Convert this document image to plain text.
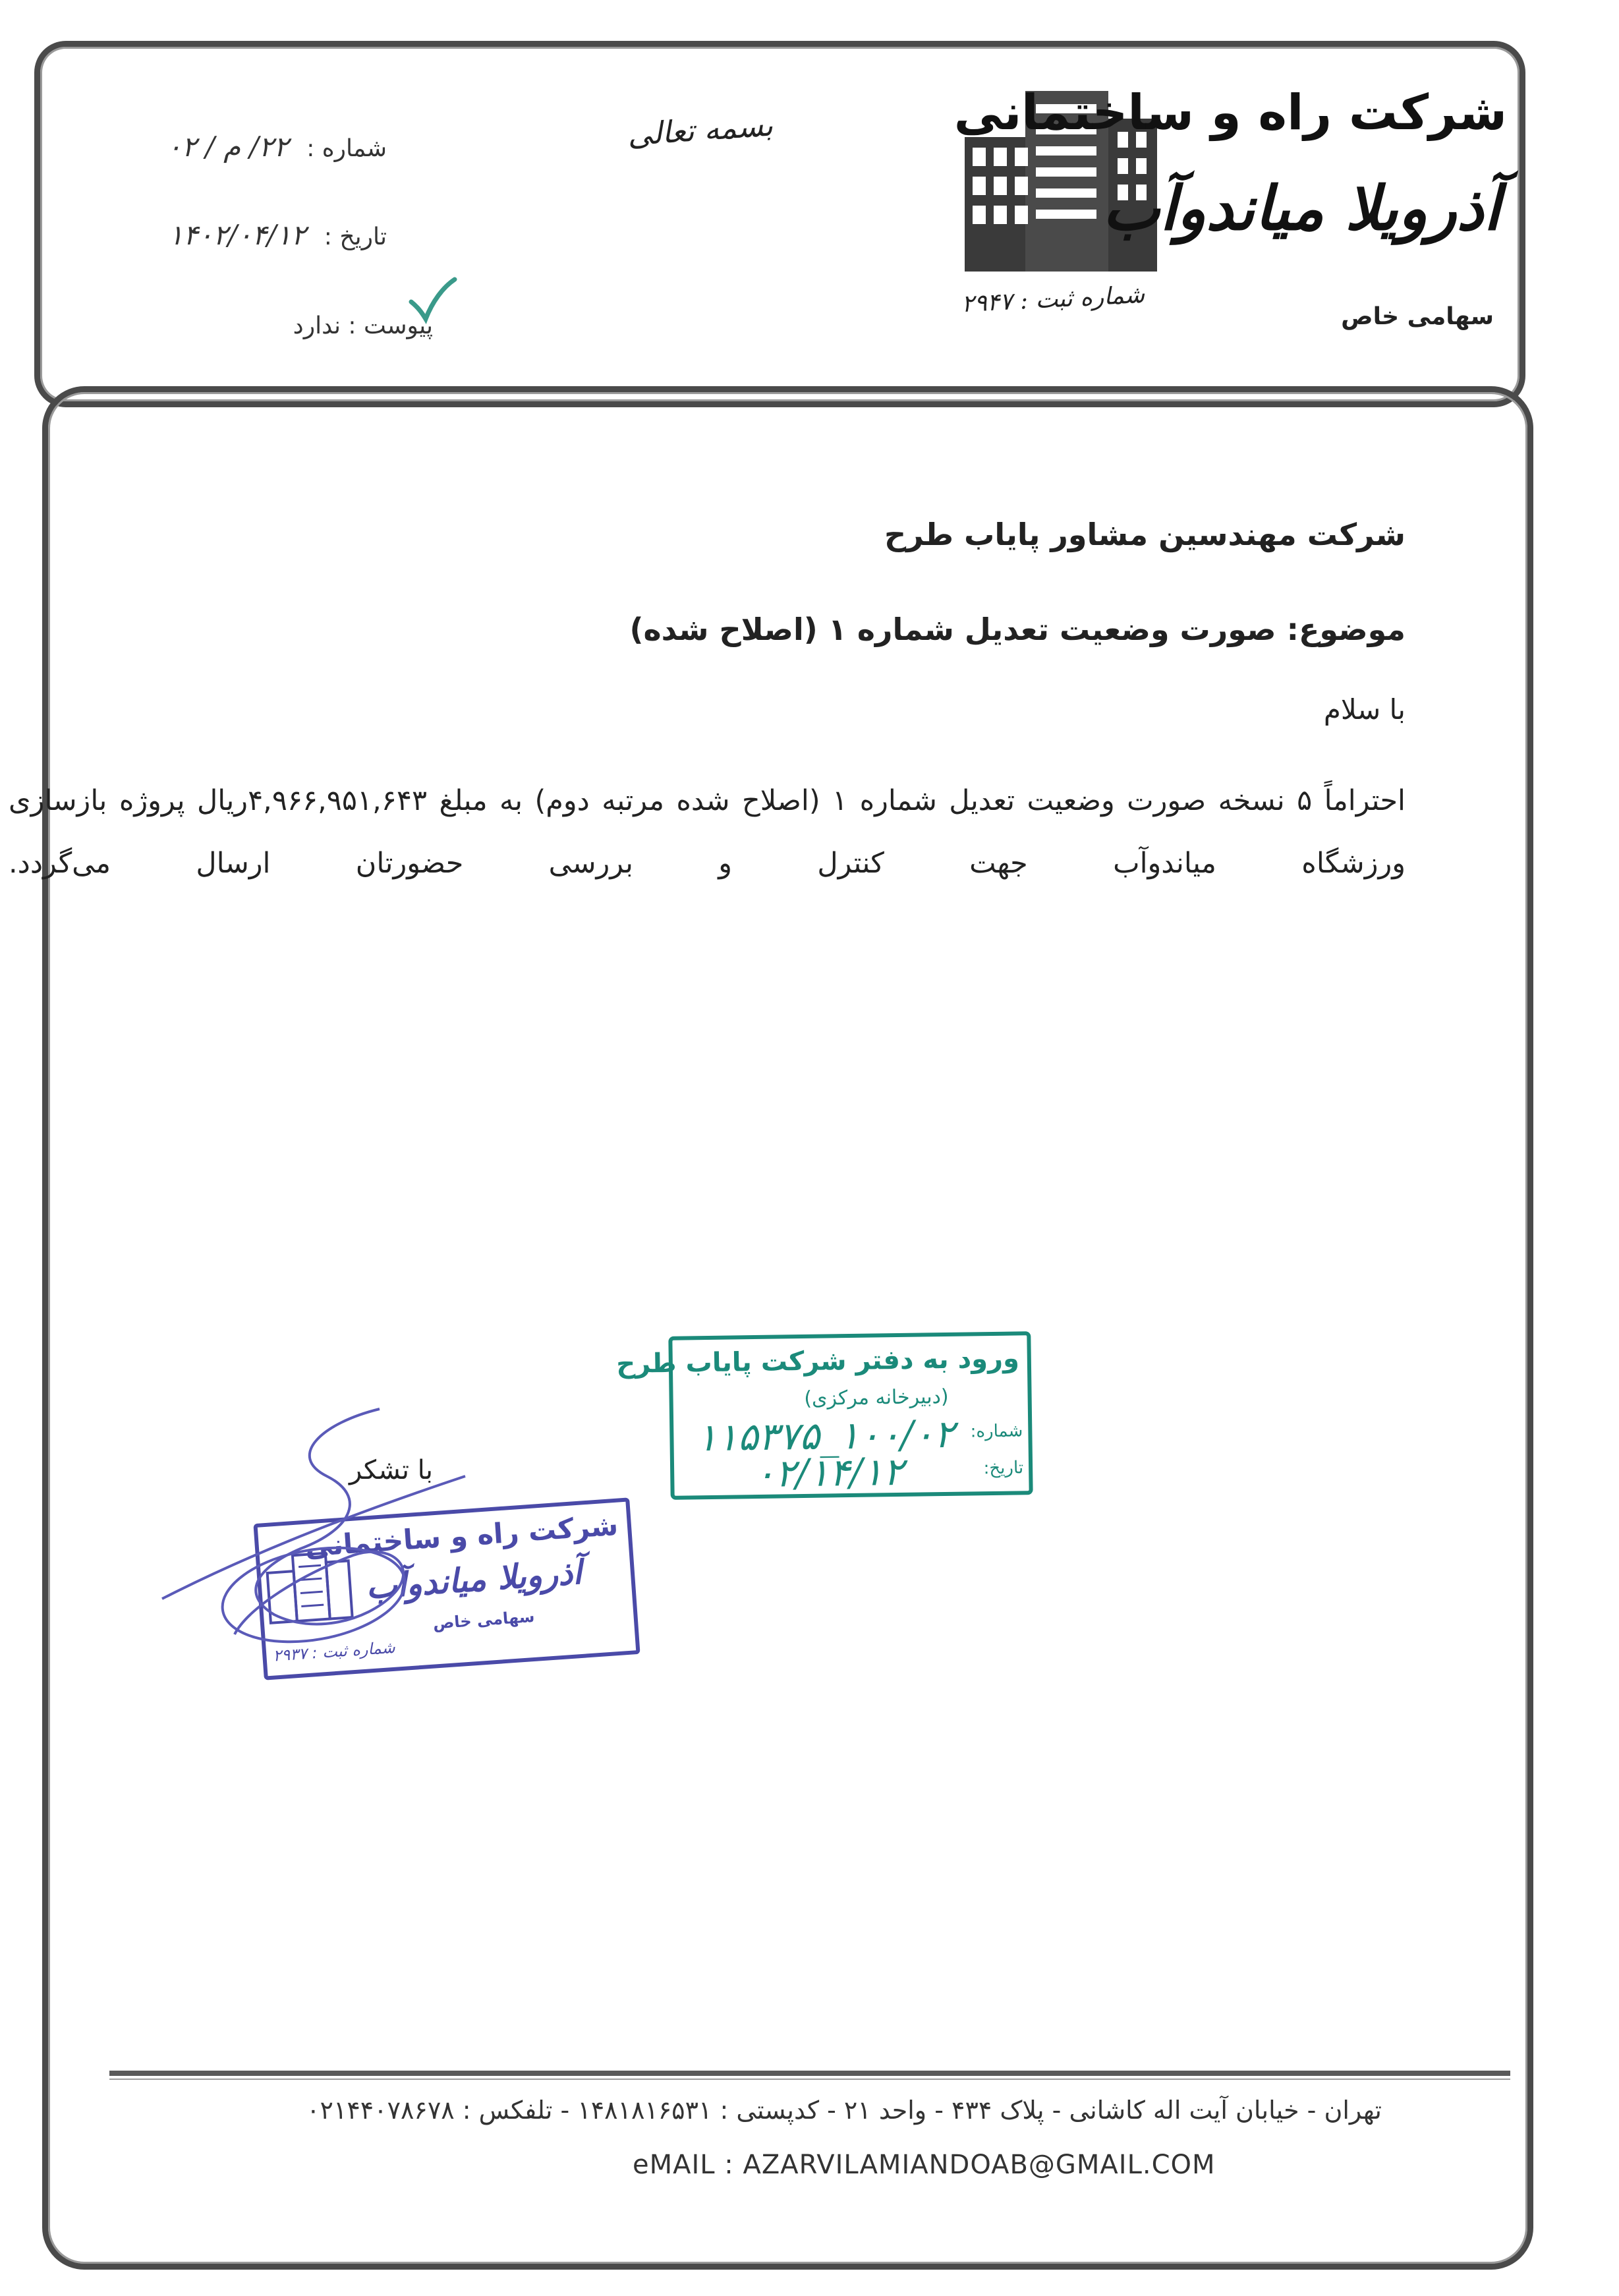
شماره : ۲۲/ م / ۰۲
تاریخ : ۱۴۰۲/۰۴/۱۲
پیوست : ندارد
بسمه تعالی	شرکت راه و ساختمانی
آذرویلا میاندوآب
سهامی خاص
شماره ثبت : ۲۹۴۷
شرکت مهندسین مشاور پایاب طرح
موضوع: صورت وضعیت تعدیل شماره ۱ (اصلاح شده)
با سلام
احتراماً ۵ نسخه صورت وضعیت تعدیل شماره ۱ (اصلاح شده مرتبه دوم) به مبلغ ۴,۹۶۶,۹۵۱,۶۴۳ریال پروژه بازسازی ورزشگاه میاندوآب جهت کنترل و بررسی حضورتان ارسال می‌گردد.
ورود به دفتر شرکت پایاب طرح
(دبیرخانه مرکزی)
شماره:
۱۰۰/۰۲_۱۱۵۳۷۵
تاریخ:
۰۲/۱۴/۱۲
با تشکر
شرکت راه و ساختمانی
آذرویلا میاندوآب
سهامی خاص
شماره ثبت : ۲۹۳۷
تهران - خیابان آیت اله کاشانی - پلاک ۴۳۴ - واحد ۲۱ - کدپستی : ۱۴۸۱۸۱۶۵۳۱ - تلفکس : ۰۲۱۴۴۰۷۸۶۷۸
eMAIL : AZARVILAMIANDOAB@GMAIL.COM
